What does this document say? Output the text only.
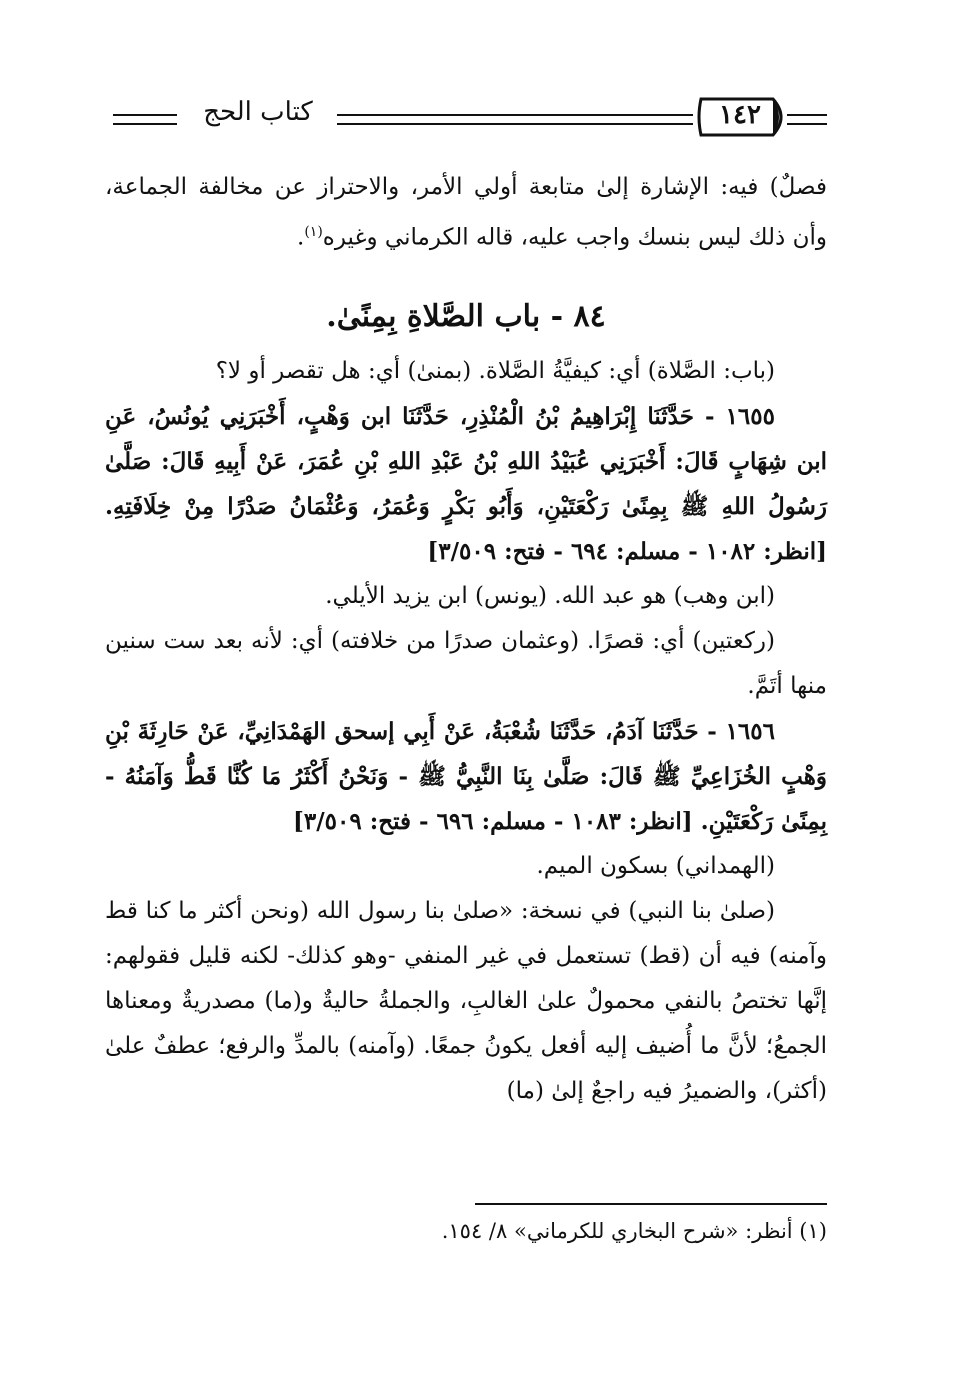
كتاب الحج	١٤٢

فصلٌ) فيه: الإشارة إلىٰ متابعة أولي الأمر، والاحتراز عن مخالفة الجماعة، وأن ذلك ليس بنسك واجب عليه، قاله الكرماني وغيره$^{(١)}$.

٨٤ - باب الصَّلاةِ بِمِنًىٰ.

(باب: الصَّلاة) أي: كيفيَّةُ الصَّلاة. (بمنىٰ) أي: هل تقصر أو لا؟

١٦٥٥ - حَدَّثَنَا إِبْرَاهِيمُ بْنُ الْمُنْذِرِ، حَدَّثَنَا ابن وَهْبٍ، أَخْبَرَنِي يُونُسُ، عَنِ ابن شِهَابٍ قَالَ: أَخْبَرَنِي عُبَيْدُ اللهِ بْنُ عَبْدِ اللهِ بْنِ عُمَرَ، عَنْ أَبِيهِ قَالَ: صَلَّىٰ رَسُولُ اللهِ ﷺ بِمِنًىٰ رَكْعَتَيْنِ، وَأَبُو بَكْرٍ وَعُمَرُ، وَعُثْمَانُ صَدْرًا مِنْ خِلَافَتِهِ. [انظر: ١٠٨٢ - مسلم: ٦٩٤ - فتح: ٣/٥٠٩]

(ابن وهب) هو عبد الله. (يونس) ابن يزيد الأيلي.

(ركعتين) أي: قصرًا. (وعثمان صدرًا من خلافته) أي: لأنه بعد ست سنين منها أتَمَّ.

١٦٥٦ - حَدَّثَنَا آدَمُ، حَدَّثَنَا شُعْبَةُ، عَنْ أَبِي إسحق الهَمْدَانِيِّ، عَنْ حَارِثَةَ بْنِ وَهْبٍ الخُزَاعِيِّ ﷺ قَالَ: صَلَّىٰ بِنَا النَّبِيُّ ﷺ - وَنَحْنُ أَكْثَرُ مَا كُنَّا قَطُّ وَآمَنُهُ - بِمِنًىٰ رَكْعَتَيْنِ. [انظر: ١٠٨٣ - مسلم: ٦٩٦ - فتح: ٣/٥٠٩]

(الهمداني) بسكون الميم.

(صلىٰ بنا النبي) في نسخة: «صلىٰ بنا رسول الله (ونحن أكثر ما كنا قط وآمنه) فيه أن (قط) تستعمل في غير المنفي -وهو كذلك- لكنه قليل فقولهم: إنَّها تختصُ بالنفي محمولٌ علىٰ الغالبِ، والجملةُ حاليةٌ و(ما) مصدريةٌ ومعناها الجمعُ؛ لأنَّ ما أُضيف إليه أفعل يكونُ جمعًا. (وآمنه) بالمدِّ والرفع؛ عطفٌ علىٰ (أكثر)، والضميرُ فيه راجعٌ إلىٰ (ما)

(١) أنظر: «شرح البخاري للكرماني» ٨/ ١٥٤.
